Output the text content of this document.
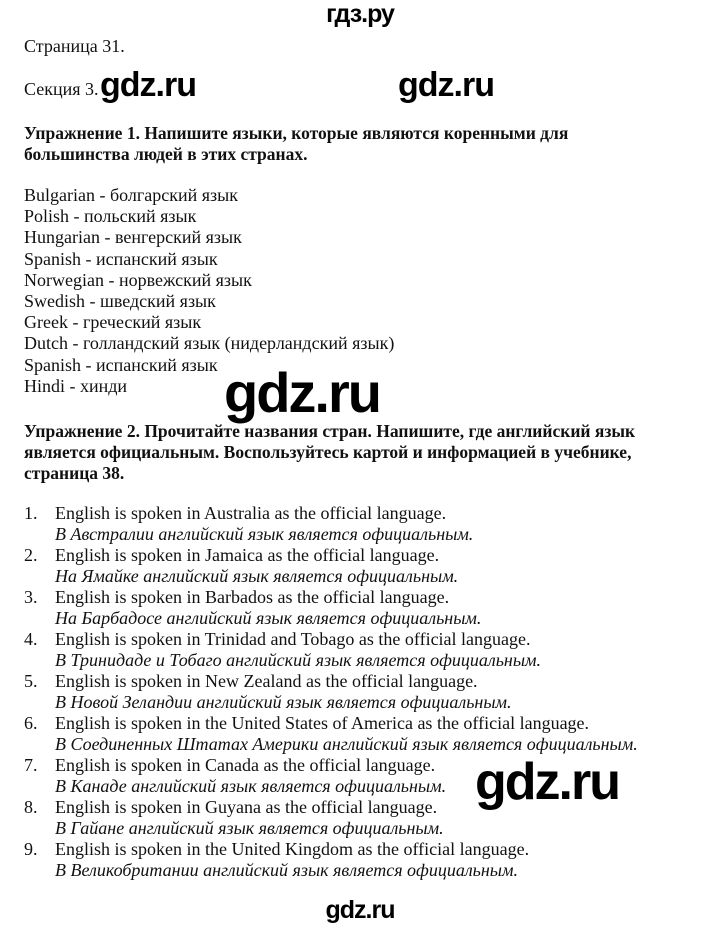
гдз.ру
Страница 31.
Секция 3. gdz.ru	gdz.ru
Упражнение 1. Напишите языки, которые являются коренными для большинства людей в этих странах.
Bulgarian - болгарский язык
Polish - польский язык
Hungarian - венгерский язык
Spanish - испанский язык
Norwegian - норвежский язык
Swedish - шведский язык
Greek - греческий язык
Dutch - голландский язык (нидерландский язык)
Spanish - испанский язык
Hindi - хинди	gdz.ru
Упражнение 2. Прочитайте названия стран. Напишите, где английский язык является официальным. Воспользуйтесь картой и информацией в учебнике, страница 38.
1. English is spoken in Australia as the official language.
В Австралии английский язык является официальным.
2. English is spoken in Jamaica as the official language.
На Ямайке английский язык является официальным.
3. English is spoken in Barbados as the official language.
На Барбадосе английский язык является официальным.
4. English is spoken in Trinidad and Tobago as the official language.
В Тринидаде и Тобаго английский язык является официальным.
5. English is spoken in New Zealand as the official language.
В Новой Зеландии английский язык является официальным.
6. English is spoken in the United States of America as the official language.
В Соединенных Штатах Америки английский язык является официальным.
7. English is spoken in Canada as the official language.
В Канаде английский язык является официальным.
8. English is spoken in Guyana as the official language.
В Гайане английский язык является официальным.
9. English is spoken in the United Kingdom as the official language.
В Великобритании английский язык является официальным.
gdz.ru
gdz.ru
